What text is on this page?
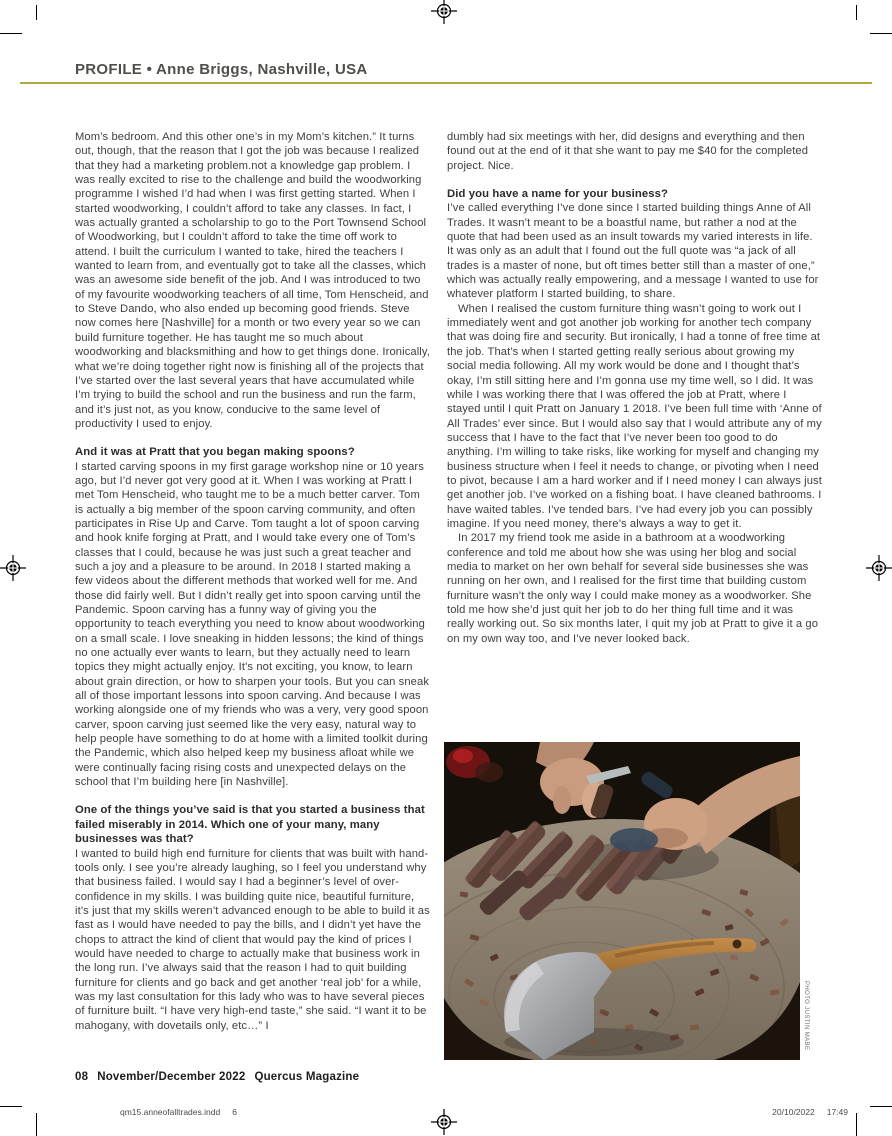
PROFILE • Anne Briggs, Nashville, USA

Mom’s bedroom. And this other one’s in my Mom’s kitchen.” It turns out, though, that the reason that I got the job was because I realized that they had a marketing problem.not a knowledge gap problem. I was really excited to rise to the challenge and build the woodworking programme I wished I’d had when I was first getting started. When I started woodworking, I couldn’t afford to take any classes. In fact, I was actually granted a scholarship to go to the Port Townsend School of Woodworking, but I couldn’t afford to take the time off work to attend. I built the curriculum I wanted to take, hired the teachers I wanted to learn from, and eventually got to take all the classes, which was an awesome side benefit of the job. And I was introduced to two of my favourite woodworking teachers of all time, Tom Henscheid, and to Steve Dando, who also ended up becoming good friends. Steve now comes here [Nashville] for a month or two every year so we can build furniture together. He has taught me so much about woodworking and blacksmithing and how to get things done. Ironically, what we’re doing together right now is finishing all of the projects that I’ve started over the last several years that have accumulated while I’m trying to build the school and run the business and run the farm, and it’s just not, as you know, conducive to the same level of productivity I used to enjoy.

And it was at Pratt that you began making spoons?

I started carving spoons in my first garage workshop nine or 10 years ago, but I’d never got very good at it. When I was working at Pratt I met Tom Henscheid, who taught me to be a much better carver. Tom is actually a big member of the spoon carving community, and often participates in Rise Up and Carve. Tom taught a lot of spoon carving and hook knife forging at Pratt, and I would take every one of Tom’s classes that I could, because he was just such a great teacher and such a joy and a pleasure to be around. In 2018 I started making a few videos about the different methods that worked well for me. And those did fairly well. But I didn’t really get into spoon carving until the Pandemic. Spoon carving has a funny way of giving you the opportunity to teach everything you need to know about woodworking on a small scale. I love sneaking in hidden lessons; the kind of things no one actually ever wants to learn, but they actually need to learn topics they might actually enjoy. It’s not exciting, you know, to learn about grain direction, or how to sharpen your tools. But you can sneak all of those important lessons into spoon carving. And because I was working alongside one of my friends who was a very, very good spoon carver, spoon carving just seemed like the very easy, natural way to help people have something to do at home with a limited toolkit during the Pandemic, which also helped keep my business afloat while we were continually facing rising costs and unexpected delays on the school that I’m building here [in Nashville].

One of the things you’ve said is that you started a business that failed miserably in 2014. Which one of your many, many businesses was that?

I wanted to build high end furniture for clients that was built with hand-tools only. I see you’re already laughing, so I feel you understand why that business failed. I would say I had a beginner’s level of over-confidence in my skills. I was building quite nice, beautiful furniture, it’s just that my skills weren’t advanced enough to be able to build it as fast as I would have needed to pay the bills, and I didn’t yet have the chops to attract the kind of client that would pay the kind of prices I would have needed to charge to actually make that business work in the long run. I’ve always said that the reason I had to quit building furniture for clients and go back and get another ‘real job’ for a while, was my last consultation for this lady who was to have several pieces of furniture built. “I have very high-end taste,” she said. “I want it to be mahogany, with dovetails only, etc…” I

dumbly had six meetings with her, did designs and everything and then found out at the end of it that she want to pay me $40 for the completed project. Nice.

Did you have a name for your business?

I’ve called everything I’ve done since I started building things Anne of All Trades. It wasn’t meant to be a boastful name, but rather a nod at the quote that had been used as an insult towards my varied interests in life. It was only as an adult that I found out the full quote was “a jack of all trades is a master of none, but oft times better still than a master of one,” which was actually really empowering, and a message I wanted to use for whatever platform I started building, to share.

When I realised the custom furniture thing wasn’t going to work out I immediately went and got another job working for another tech company that was doing fire and security. But ironically, I had a tonne of free time at the job. That’s when I started getting really serious about growing my social media following. All my work would be done and I thought that’s okay, I’m still sitting here and I’m gonna use my time well, so I did. It was while I was working there that I was offered the job at Pratt, where I stayed until I quit Pratt on January 1 2018. I’ve been full time with ‘Anne of All Trades’ ever since. But I would also say that I would attribute any of my success that I have to the fact that I’ve never been too good to do anything. I’m willing to take risks, like working for myself and changing my business structure when I feel it needs to change, or pivoting when I need to pivot, because I am a hard worker and if I need money I can always just get another job. I’ve worked on a fishing boat. I have cleaned bathrooms. I have waited tables. I’ve tended bars. I’ve had every job you can possibly imagine. If you need money, there’s always a way to get it.

In 2017 my friend took me aside in a bathroom at a woodworking conference and told me about how she was using her blog and social media to market on her own behalf for several side businesses she was running on her own, and I realised for the first time that building custom furniture wasn’t the only way I could make money as a woodworker. She told me how she’d just quit her job to do her thing full time and it was really working out. So six months later, I quit my job at Pratt to give it a go on my own way too, and I’ve never looked back.

PHOTO JUSTIN MABE
08 November/December 2022 Quercus Magazine
qm15.anneofalltrades.indd 6	20/10/2022 17:49
